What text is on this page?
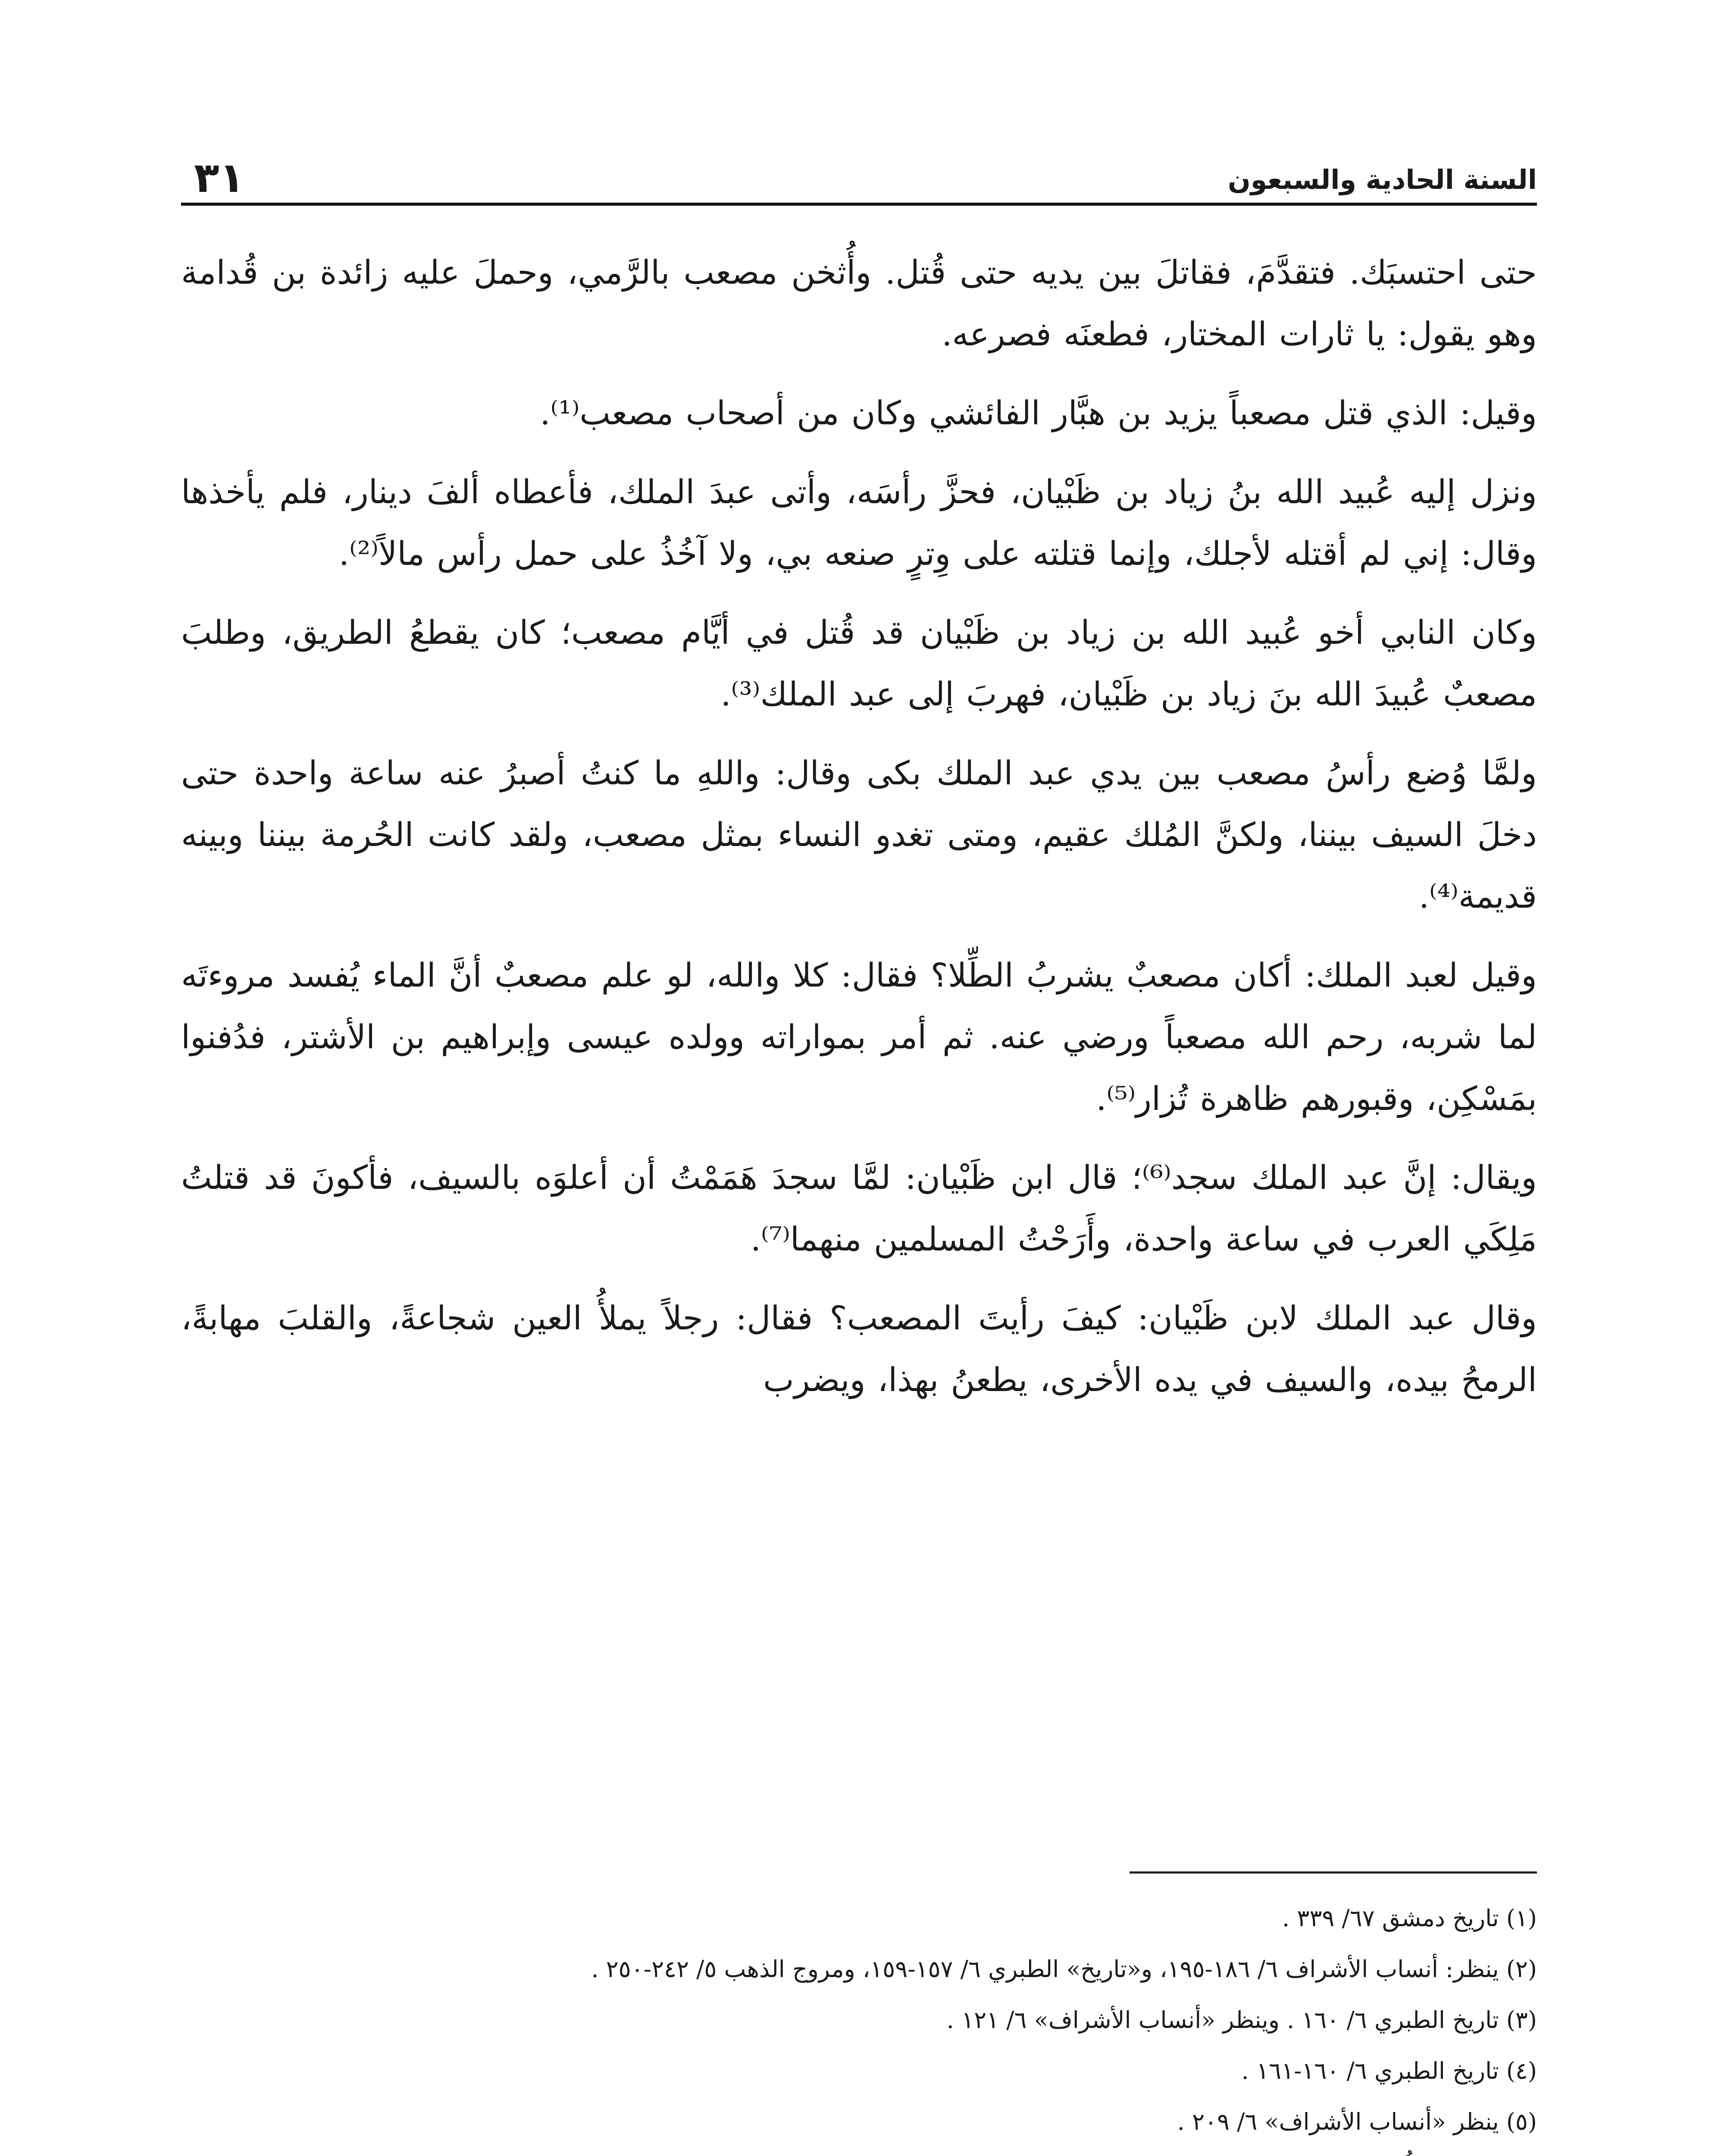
السنة الحادية والسبعون
٣١

حتى احتسبَك. فتقدَّمَ، فقاتلَ بين يديه حتى قُتل. وأُثخن مصعب بالرَّمي، وحملَ عليه زائدة بن قُدامة وهو يقول: يا ثارات المختار، فطعنَه فصرعه.

وقيل: الذي قتل مصعباً يزيد بن هبَّار الفائشي وكان من أصحاب مصعب⁽¹⁾.

ونزل إليه عُبيد الله بنُ زياد بن ظَبْيان، فحزَّ رأسَه، وأتى عبدَ الملك، فأعطاه ألفَ دينار، فلم يأخذها وقال: إني لم أقتله لأجلك، وإنما قتلته على وِترٍ صنعه بي، ولا آخُذُ على حمل رأس مالاً⁽²⁾.

وكان النابي أخو عُبيد الله بن زياد بن ظَبْيان قد قُتل في أيَّام مصعب؛ كان يقطعُ الطريق، وطلبَ مصعبٌ عُبيدَ الله بنَ زياد بن ظَبْيان، فهربَ إلى عبد الملك⁽³⁾.

ولمَّا وُضع رأسُ مصعب بين يدي عبد الملك بكى وقال: واللهِ ما كنتُ أصبرُ عنه ساعة واحدة حتى دخلَ السيف بيننا، ولكنَّ المُلك عقيم، ومتى تغدو النساء بمثل مصعب، ولقد كانت الحُرمة بيننا وبينه قديمة⁽⁴⁾.

وقيل لعبد الملك: أكان مصعبٌ يشربُ الطِّلا؟ فقال: كلا والله، لو علم مصعبٌ أنَّ الماء يُفسد مروءتَه لما شربه، رحم الله مصعباً ورضي عنه. ثم أمر بمواراته وولده عيسى وإبراهيم بن الأشتر، فدُفنوا بمَسْكِن، وقبورهم ظاهرة تُزار⁽⁵⁾.

ويقال: إنَّ عبد الملك سجد⁽⁶⁾؛ قال ابن ظَبْيان: لمَّا سجدَ هَمَمْتُ أن أعلوَه بالسيف، فأكونَ قد قتلتُ مَلِكَي العرب في ساعة واحدة، وأَرَحْتُ المسلمين منهما⁽⁷⁾.

وقال عبد الملك لابن ظَبْيان: كيفَ رأيتَ المصعب؟ فقال: رجلاً يملأُ العين شجاعةً، والقلبَ مهابةً، الرمحُ بيده، والسيف في يده الأخرى، يطعنُ بهذا، ويضرب

(١) تاريخ دمشق ٦٧/ ٣٣٩ .

(٢) ينظر: أنساب الأشراف ٦/ ١٨٦-١٩٥، و«تاريخ» الطبري ٦/ ١٥٧-١٥٩، ومروج الذهب ٥/ ٢٤٢-٢٥٠ .

(٣) تاريخ الطبري ٦/ ١٦٠ . وينظر «أنساب الأشراف» ٦/ ١٢١ .

(٤) تاريخ الطبري ٦/ ١٦٠-١٦١ .

(٥) ينظر «أنساب الأشراف» ٦/ ٢٠٩ .
